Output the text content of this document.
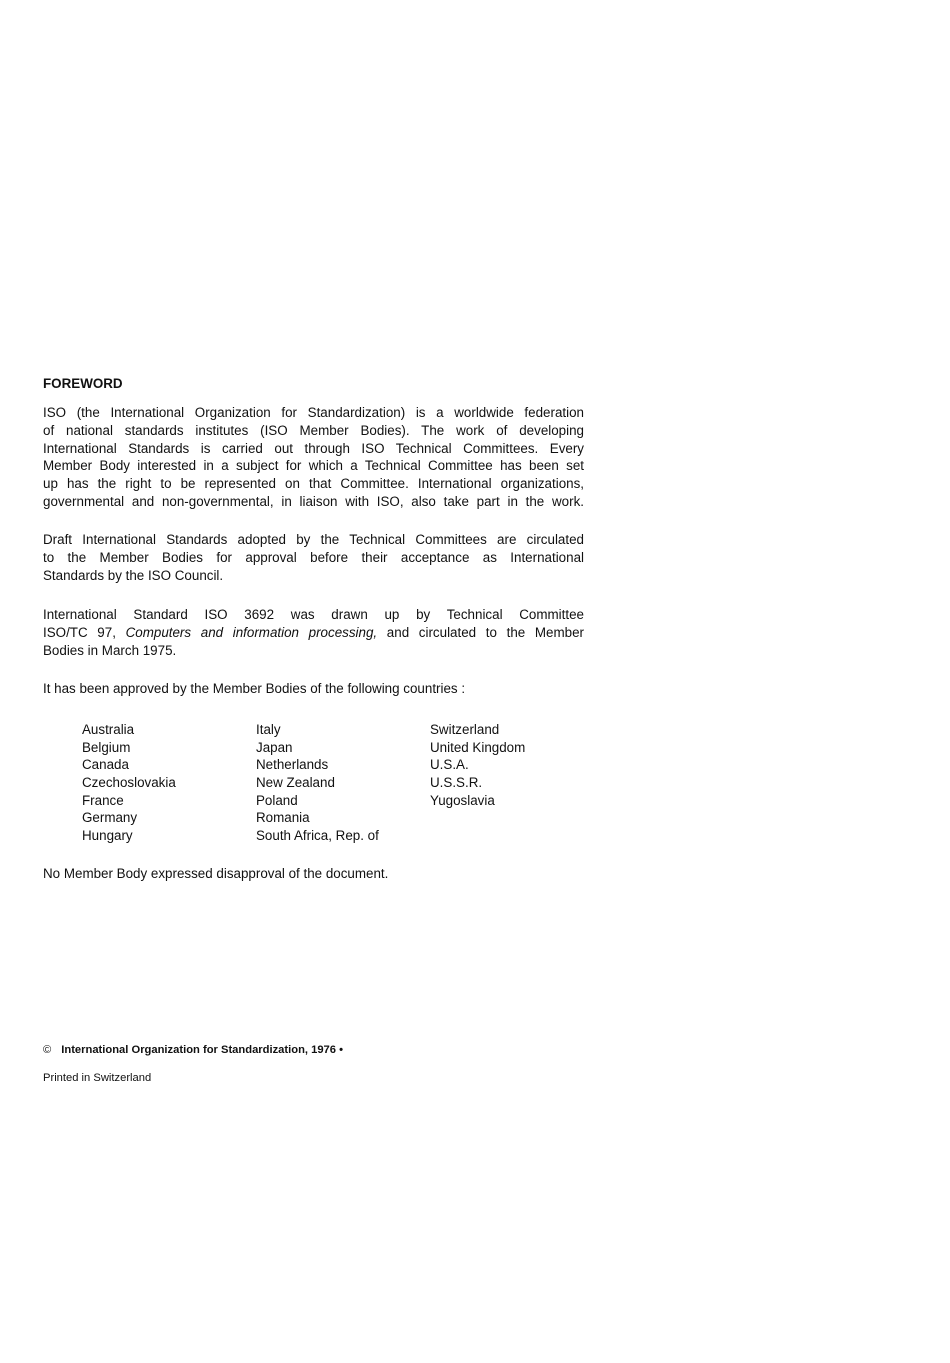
FOREWORD
ISO (the International Organization for Standardization) is a worldwide federation
of national standards institutes (ISO Member Bodies). The work of developing
International Standards is carried out through ISO Technical Committees. Every
Member Body interested in a subject for which a Technical Committee has been set
up has the right to be represented on that Committee. International organizations,
governmental and non-governmental, in liaison with ISO, also take part in the work.
Draft International Standards adopted by the Technical Committees are circulated
to the Member Bodies for approval before their acceptance as International
Standards by the ISO Council.
International Standard ISO 3692 was drawn up by Technical Committee
ISO/TC 97, Computers and information processing, and circulated to the Member
Bodies in March 1975.
It has been approved by the Member Bodies of the following countries :
Australia
Belgium
Canada
Czechoslovakia
France
Germany
Hungary
Italy
Japan
Netherlands
New Zealand
Poland
Romania
South Africa, Rep. of
Switzerland
United Kingdom
U.S.A.
U.S.S.R.
Yugoslavia
No Member Body expressed disapproval of the document.
© International Organization for Standardization, 1976 •
Printed in Switzerland
